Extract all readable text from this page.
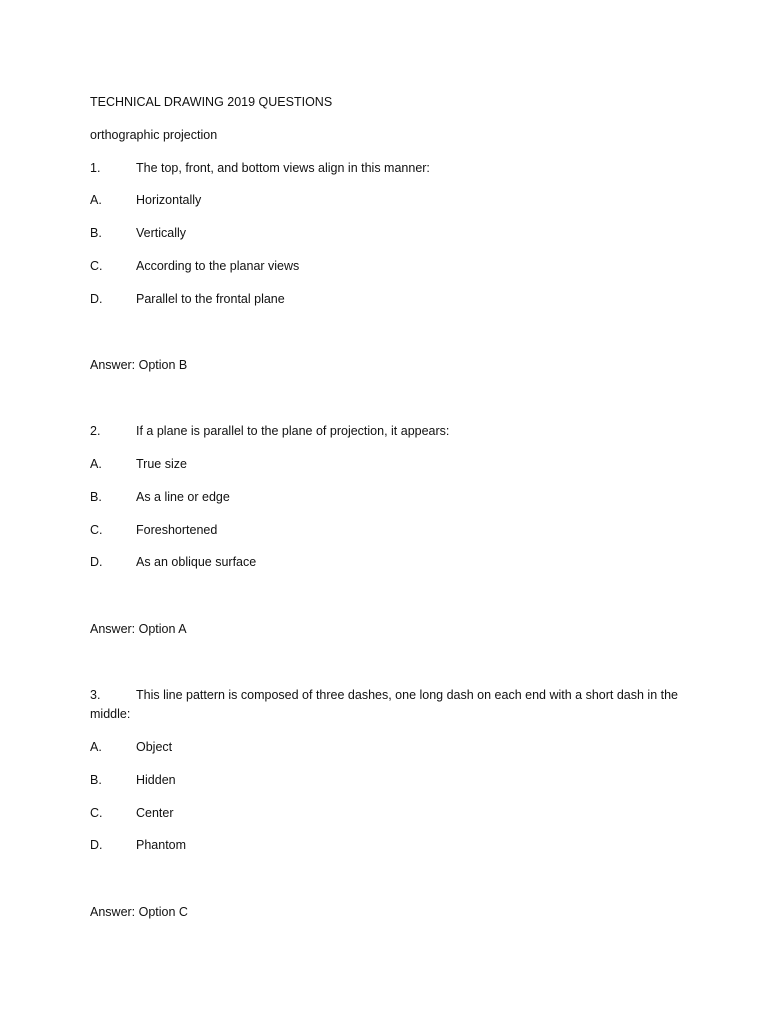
TECHNICAL DRAWING 2019 QUESTIONS
orthographic projection
1.	The top, front, and bottom views align in this manner:
A.	Horizontally
B.	Vertically
C.	According to the planar views
D.	Parallel to the frontal plane
Answer: Option B
2.	If a plane is parallel to the plane of projection, it appears:
A.	True size
B.	As a line or edge
C.	Foreshortened
D.	As an oblique surface
Answer: Option A
3.	This line pattern is composed of three dashes, one long dash on each end with a short dash in the middle:
A.	Object
B.	Hidden
C.	Center
D.	Phantom
Answer: Option C
